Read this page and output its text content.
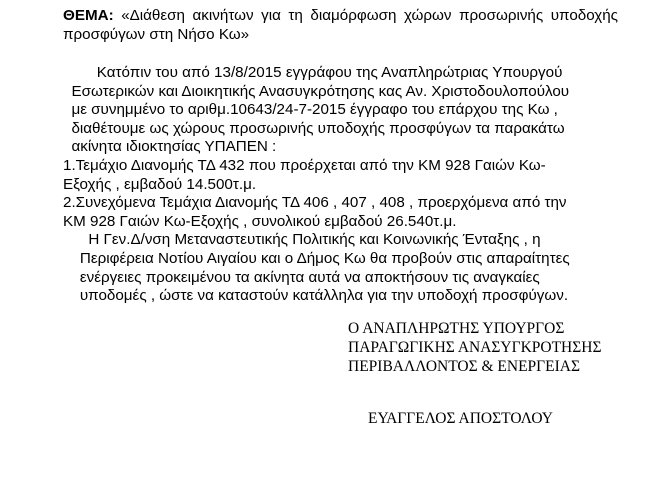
ΘΕΜΑ: «Διάθεση ακινήτων για τη διαμόρφωση χώρων προσωρινής υποδοχής προσφύγων στη Νήσο Κω»
Κατόπιν του από 13/8/2015 εγγράφου της Αναπληρώτριας Υπουργού
Εσωτερικών και Διοικητικής Ανασυγκρότησης κας Αν. Χριστοδουλοπούλου
με συνημμένο το αριθμ.10643/24-7-2015 έγγραφο του επάρχου της Κω ,
διαθέτουμε ως χώρους προσωρινής υποδοχής προσφύγων τα παρακάτω
ακίνητα ιδιοκτησίας ΥΠΑΠΕΝ :
1.Τεμάχιο Διανομής ΤΔ 432 που προέρχεται από την ΚΜ 928 Γαιών Κω-
Εξοχής , εμβαδού 14.500τ.μ.
2.Συνεχόμενα Τεμάχια Διανομής ΤΔ 406 , 407 , 408 , προερχόμενα από την
ΚΜ 928 Γαιών Κω-Εξοχής , συνολικού εμβαδού 26.540τ.μ.
Η Γεν.Δ/νση Μεταναστευτικής Πολιτικής και Κοινωνικής Ένταξης , η
Περιφέρεια Νοτίου Αιγαίου και ο Δήμος Κω θα προβούν στις απαραίτητες
ενέργειες προκειμένου τα ακίνητα αυτά να αποκτήσουν τις αναγκαίες
υποδομές , ώστε να καταστούν κατάλληλα για την υποδοχή προσφύγων.
Ο ΑΝΑΠΛΗΡΩΤΗΣ ΥΠΟΥΡΓΟΣ
ΠΑΡΑΓΩΓΙΚΗΣ ΑΝΑΣΥΓΚΡΟΤΗΣΗΣ
ΠΕΡΙΒΑΛΛΟΝΤΟΣ & ΕΝΕΡΓΕΙΑΣ
ΕΥΑΓΓΕΛΟΣ ΑΠΟΣΤΟΛΟΥ
